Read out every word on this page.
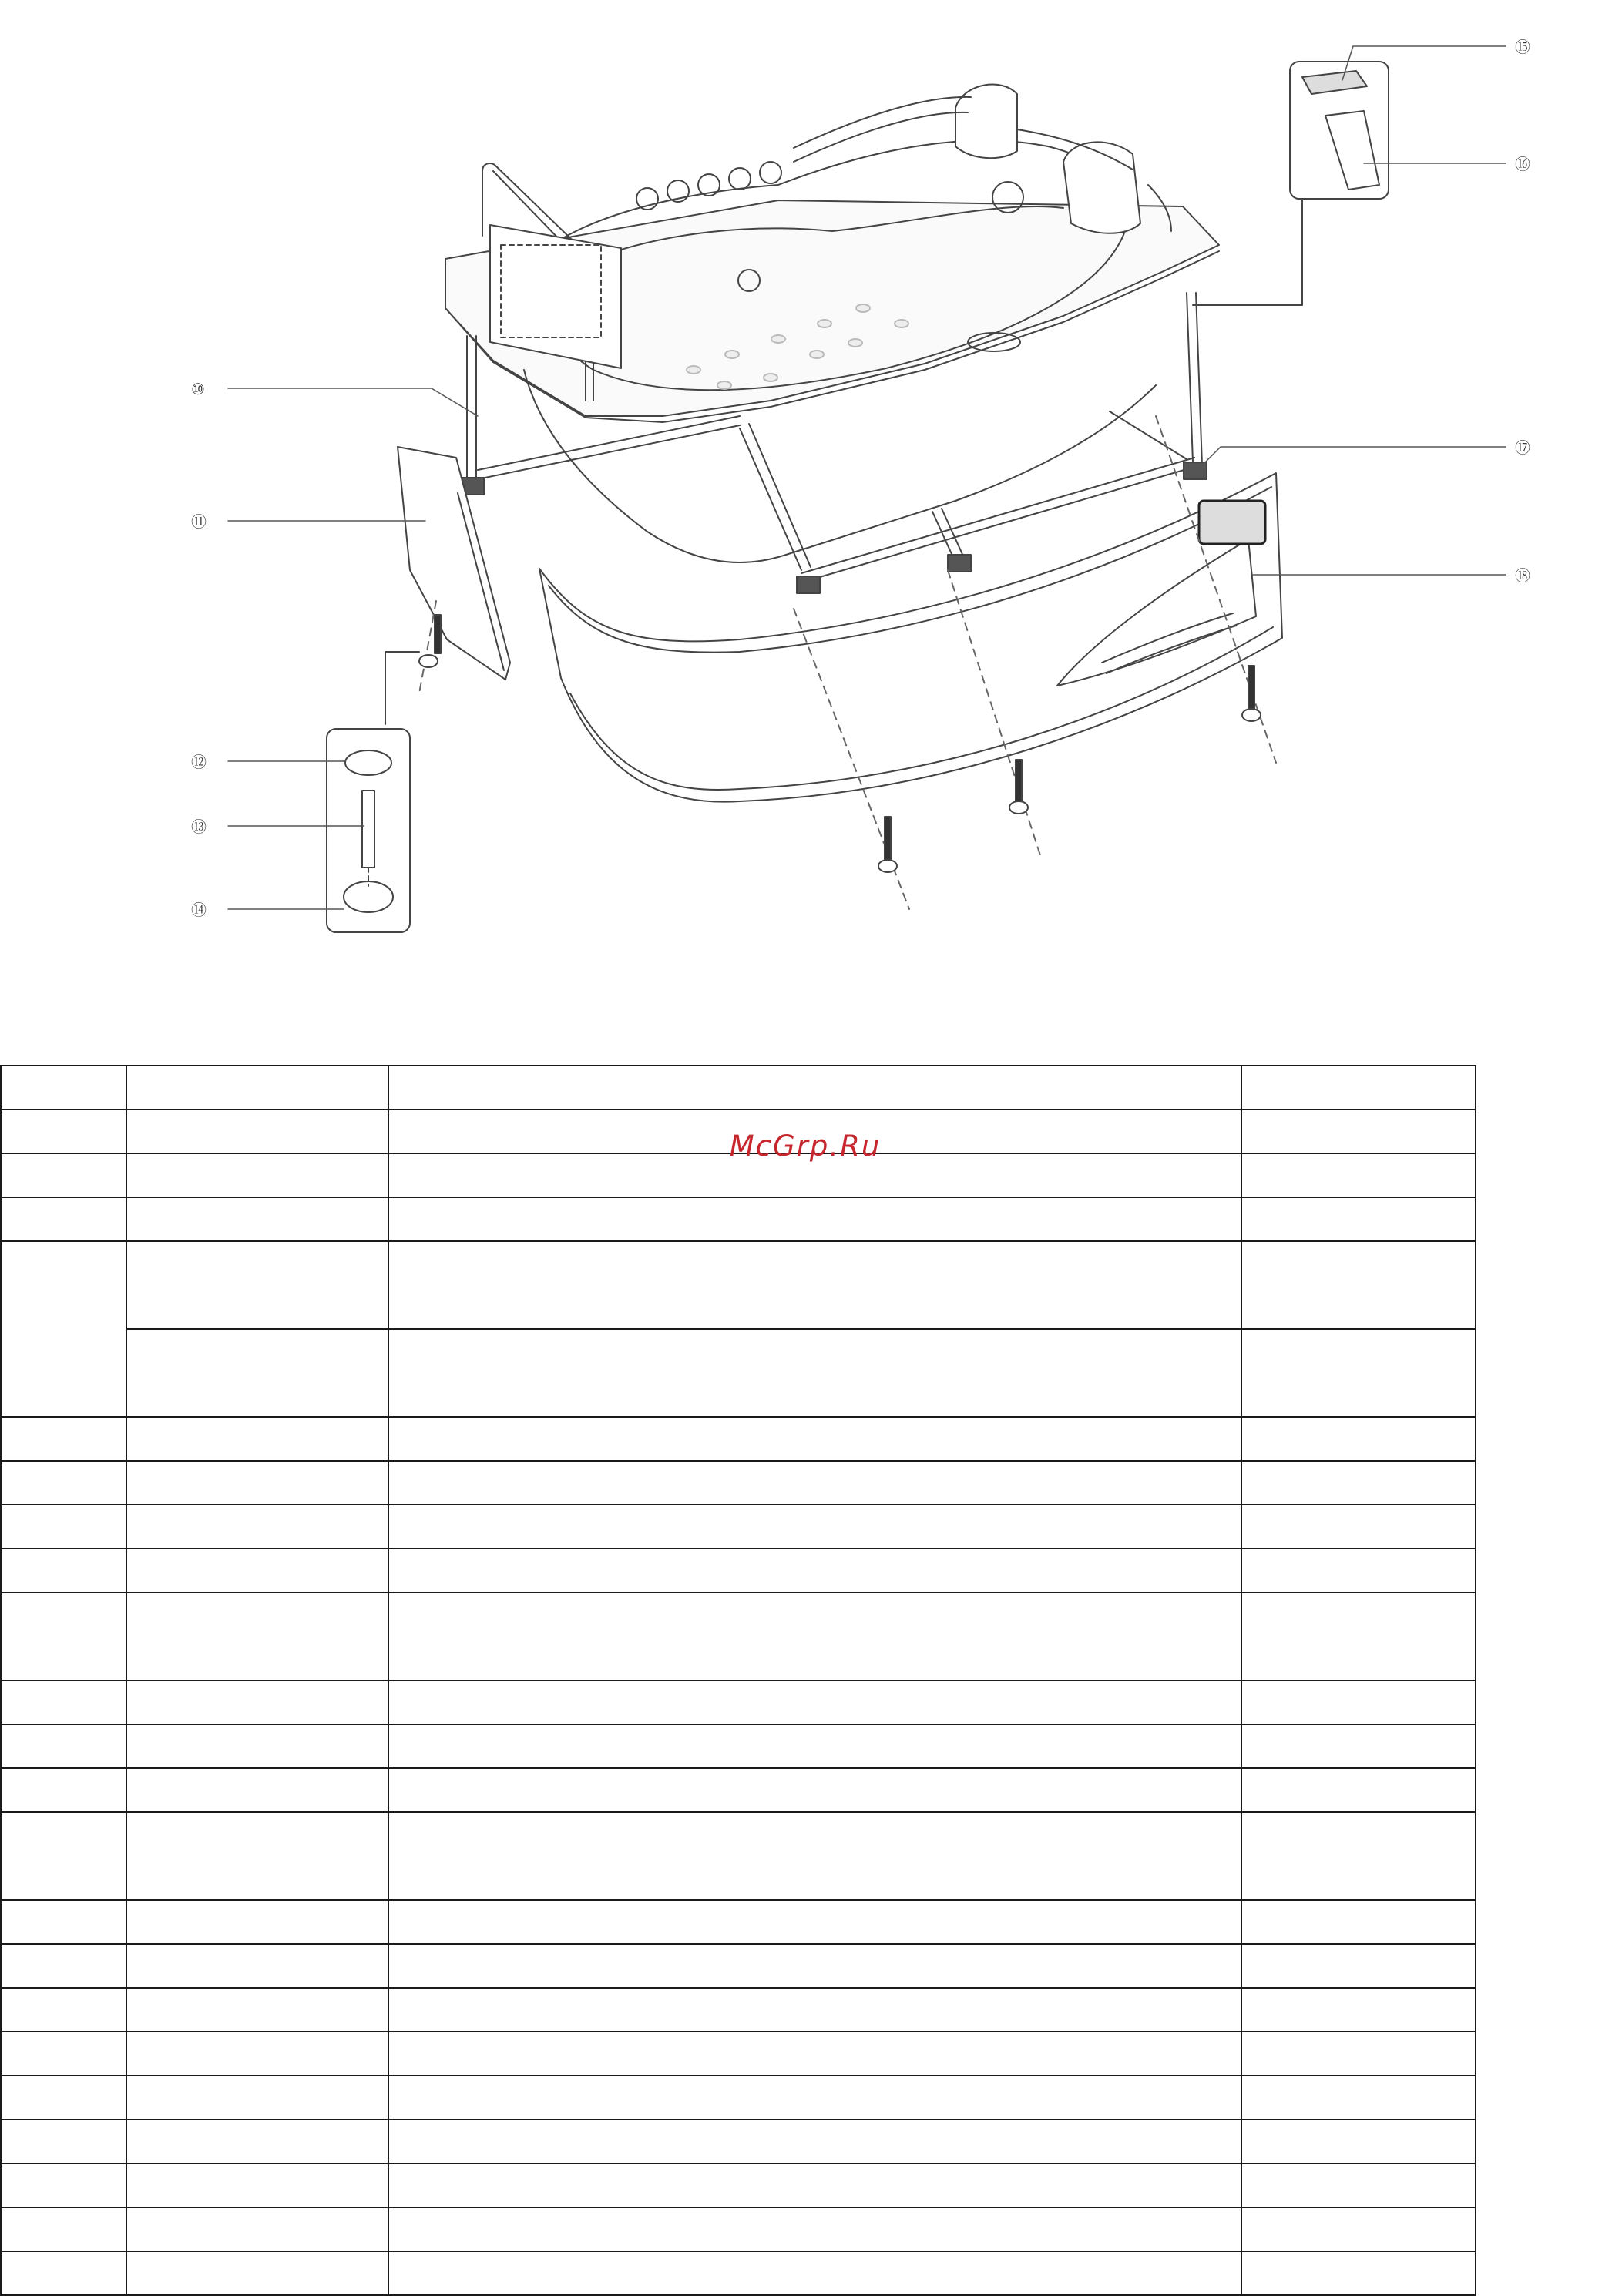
⑩
⑪
⑫
⑬
⑭
⑮
⑯
⑰
⑱

McGrp.Ru
